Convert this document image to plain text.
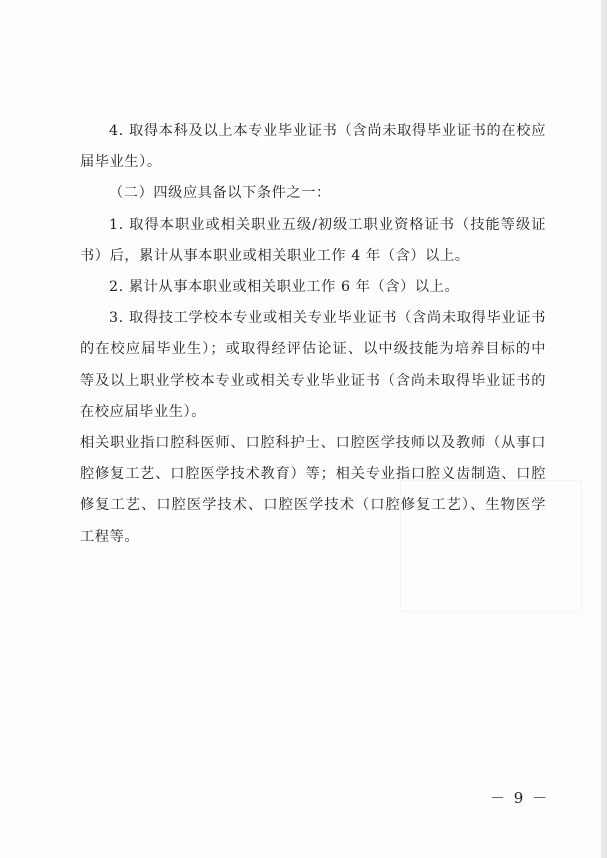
4. 取得本科及以上本专业毕业证书（含尚未取得毕业证书的在校应届毕业生）。

（二）四级应具备以下条件之一：

1. 取得本职业或相关职业五级/初级工职业资格证书（技能等级证书）后，累计从事本职业或相关职业工作 4 年（含）以上。

2. 累计从事本职业或相关职业工作 6 年（含）以上。

3. 取得技工学校本专业或相关专业毕业证书（含尚未取得毕业证书的在校应届毕业生）；或取得经评估论证、以中级技能为培养目标的中等及以上职业学校本专业或相关专业毕业证书（含尚未取得毕业证书的在校应届毕业生）。

相关职业指口腔科医师、口腔科护士、口腔医学技师以及教师（从事口腔修复工艺、口腔医学技术教育）等；相关专业指口腔义齿制造、口腔修复工艺、口腔医学技术、口腔医学技术（口腔修复工艺）、生物医学工程等。

－ 9 －
